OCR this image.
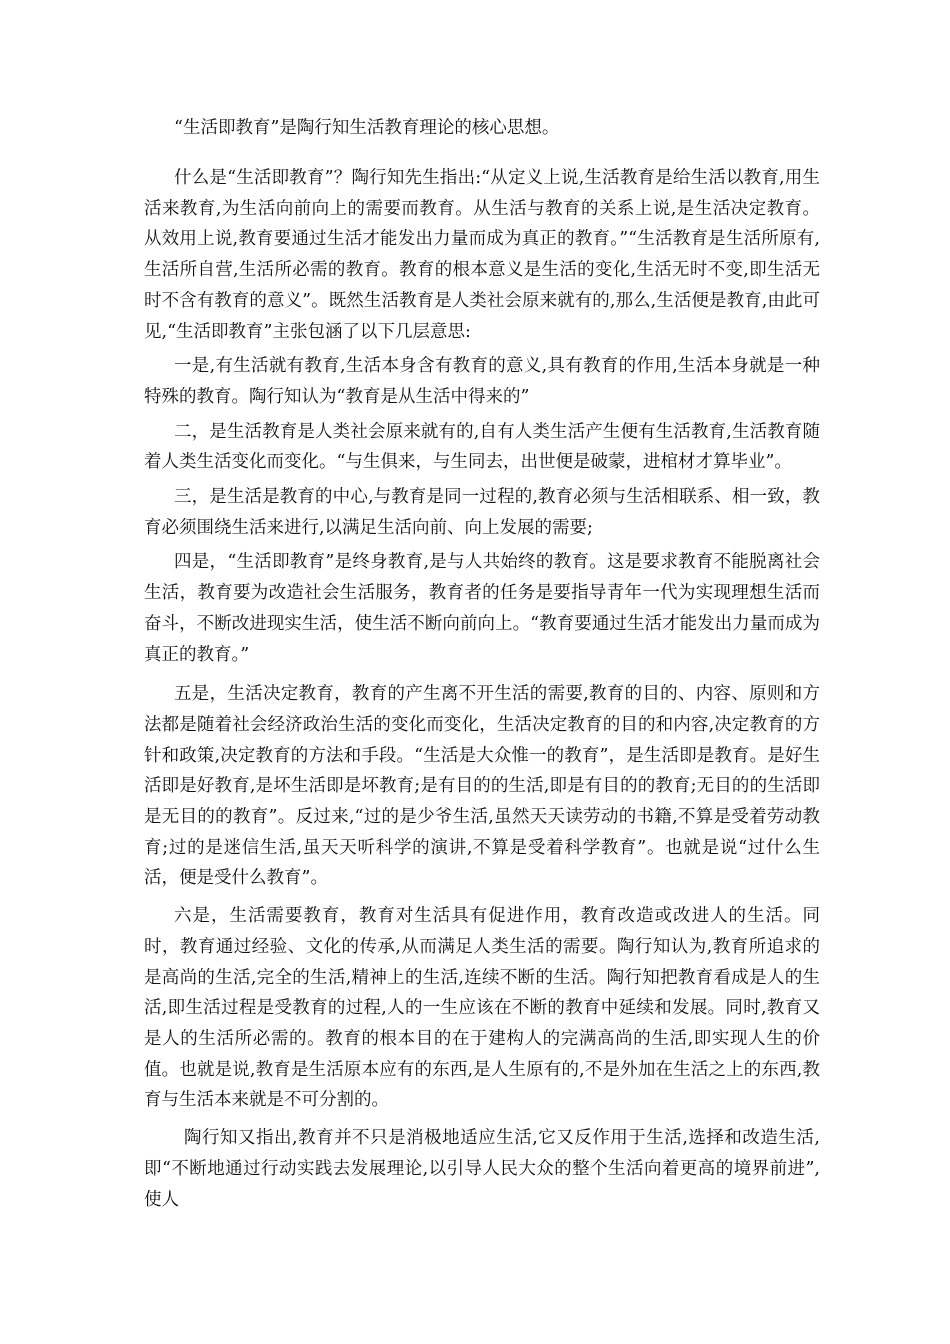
“生活即教育”是陶行知生活教育理论的核心思想。

什么是“生活即教育”？陶行知先生指出:“从定义上说,生活教育是给生活以教育,用生活来教育,为生活向前向上的需要而教育。从生活与教育的关系上说,是生活决定教育。从效用上说,教育要通过生活才能发出力量而成为真正的教育。”“生活教育是生活所原有,生活所自营,生活所必需的教育。教育的根本意义是生活的变化,生活无时不变,即生活无时不含有教育的意义”。既然生活教育是人类社会原来就有的,那么,生活便是教育,由此可见,“生活即教育”主张包涵了以下几层意思:

一是,有生活就有教育,生活本身含有教育的意义,具有教育的作用,生活本身就是一种特殊的教育。陶行知认为“教育是从生活中得来的”

二，是生活教育是人类社会原来就有的,自有人类生活产生便有生活教育,生活教育随着人类生活变化而变化。“与生俱来，与生同去，出世便是破蒙，进棺材才算毕业”。

三，是生活是教育的中心,与教育是同一过程的,教育必须与生活相联系、相一致，教育必须围绕生活来进行,以满足生活向前、向上发展的需要;

四是，“生活即教育”是终身教育,是与人共始终的教育。这是要求教育不能脱离社会生活，教育要为改造社会生活服务，教育者的任务是要指导青年一代为实现理想生活而奋斗，不断改进现实生活，使生活不断向前向上。“教育要通过生活才能发出力量而成为真正的教育。”

五是，生活决定教育，教育的产生离不开生活的需要,教育的目的、内容、原则和方法都是随着社会经济政治生活的变化而变化，生活决定教育的目的和内容,决定教育的方针和政策,决定教育的方法和手段。“生活是大众惟一的教育”，是生活即是教育。是好生活即是好教育,是坏生活即是坏教育;是有目的的生活,即是有目的的教育;无目的的生活即是无目的的教育”。反过来,“过的是少爷生活,虽然天天读劳动的书籍,不算是受着劳动教育;过的是迷信生活,虽天天听科学的演讲,不算是受着科学教育”。也就是说“过什么生活，便是受什么教育”。

六是，生活需要教育，教育对生活具有促进作用，教育改造或改进人的生活。同时，教育通过经验、文化的传承,从而满足人类生活的需要。陶行知认为,教育所追求的是高尚的生活,完全的生活,精神上的生活,连续不断的生活。陶行知把教育看成是人的生活,即生活过程是受教育的过程,人的一生应该在不断的教育中延续和发展。同时,教育又是人的生活所必需的。教育的根本目的在于建构人的完满高尚的生活,即实现人生的价值。也就是说,教育是生活原本应有的东西,是人生原有的,不是外加在生活之上的东西,教育与生活本来就是不可分割的。

陶行知又指出,教育并不只是消极地适应生活,它又反作用于生活,选择和改造生活,即“不断地通过行动实践去发展理论,以引导人民大众的整个生活向着更高的境界前进”,使人
